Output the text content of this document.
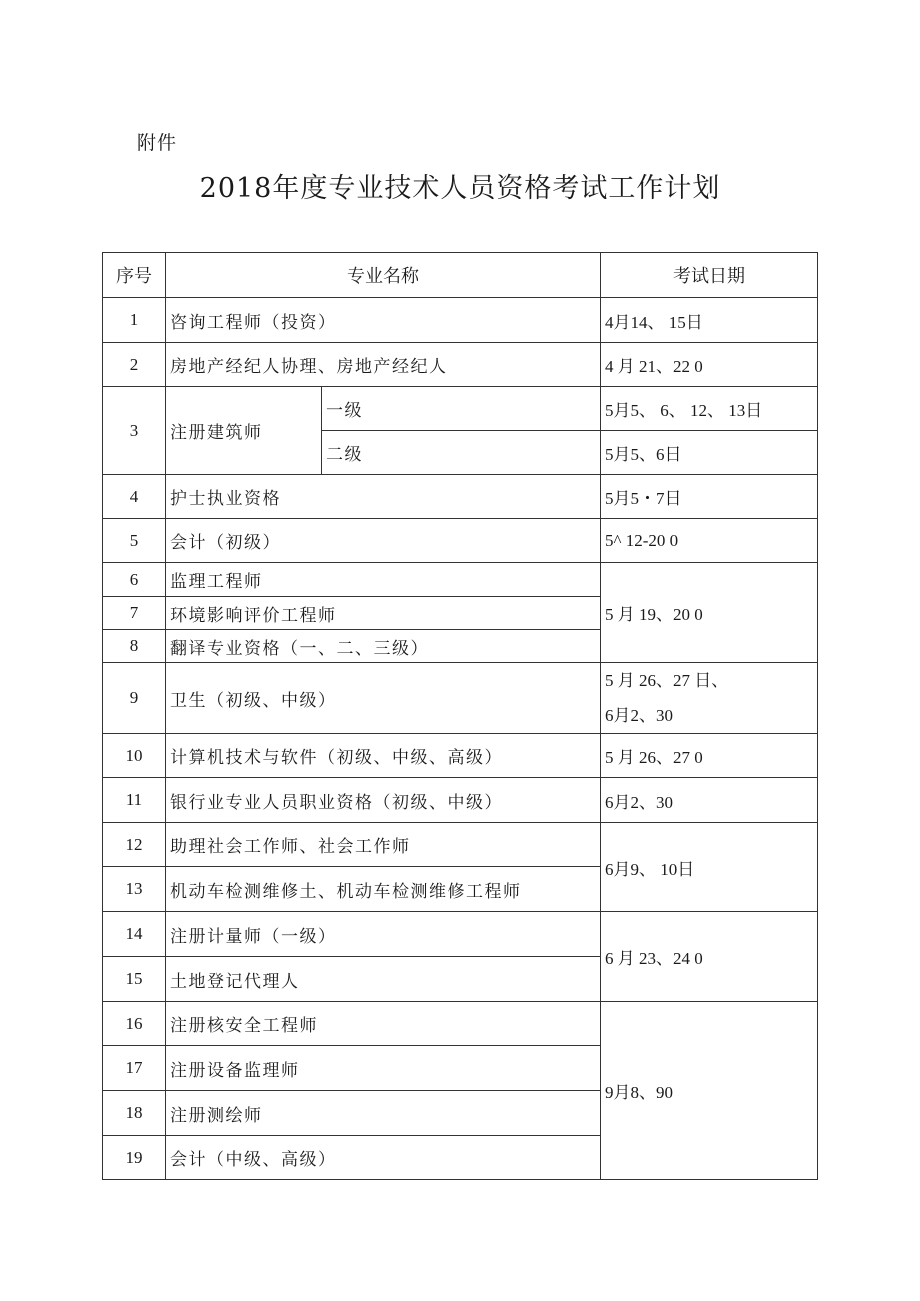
附件
2018年度专业技术人员资格考试工作计划
序号	专业名称		考试日期
1	咨询工程师（投资）		4月14、 15日
2	房地产经纪人协理、房地产经纪人		4 月 21、22 0
3	注册建筑师	一级	5月5、 6、 12、 13日
		二级	5月5、6日
4	护士执业资格		5月5・7日
5	会计（初级）		5^ 12-20 0
6	监理工程师		5 月 19、20 0
7	环境影响评价工程师		
8	翻译专业资格（一、二、三级）		
9	卫生（初级、中级）		5 月 26、27 日、
6月2、30
10	计算机技术与软件（初级、中级、高级）		5 月 26、27 0
11	银行业专业人员职业资格（初级、中级）		6月2、30
12	助理社会工作师、社会工作师		6月9、 10日
13	机动车检测维修土、机动车检测维修工程师		
14	注册计量师（一级）		6 月 23、24 0
15	土地登记代理人		
16	注册核安全工程师		9月8、90
17	注册设备监理师		
18	注册测绘师		
19	会计（中级、高级）		
